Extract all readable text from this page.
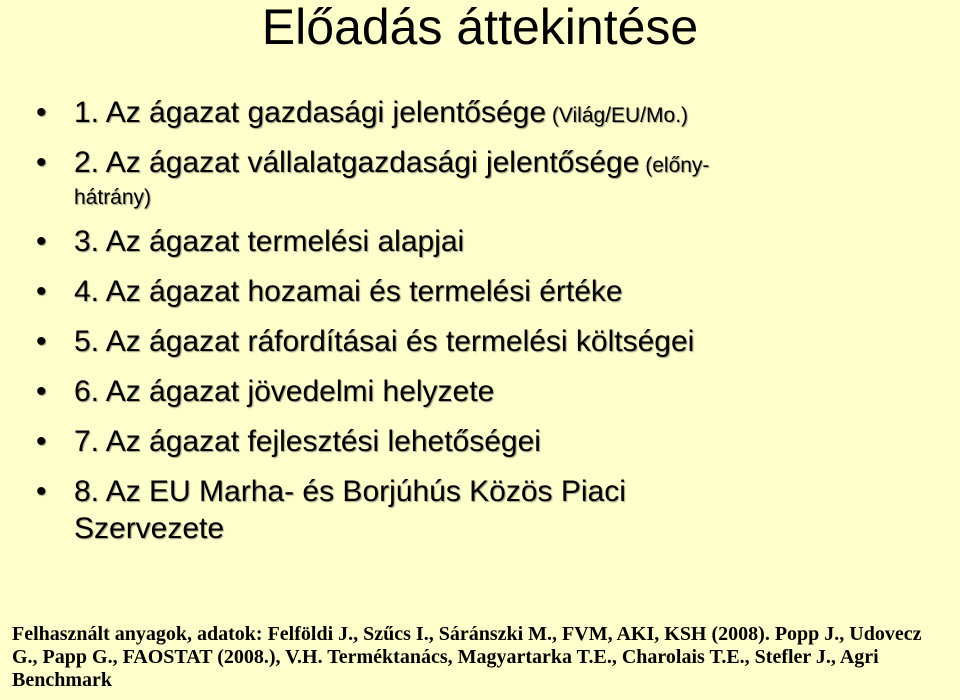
Előadás áttekintése
• 1. Az ágazat gazdasági jelentősége (Világ/EU/Mo.)
• 2. Az ágazat vállalatgazdasági jelentősége (előny-
hátrány)
• 3. Az ágazat termelési alapjai
• 4. Az ágazat hozamai és termelési értéke
• 5. Az ágazat ráfordításai és termelési költségei
• 6. Az ágazat jövedelmi helyzete
• 7. Az ágazat fejlesztési lehetőségei
• 8. Az EU Marha- és Borjúhús Közös Piaci
Szervezete

Felhasznált anyagok, adatok: Felföldi J., Szűcs I., Sáránszki M., FVM, AKI, KSH (2008). Popp J., Udovecz G., Papp G., FAOSTAT (2008.), V.H. Terméktanács, Magyartarka T.E., Charolais T.E., Stefler J., Agri Benchmark
